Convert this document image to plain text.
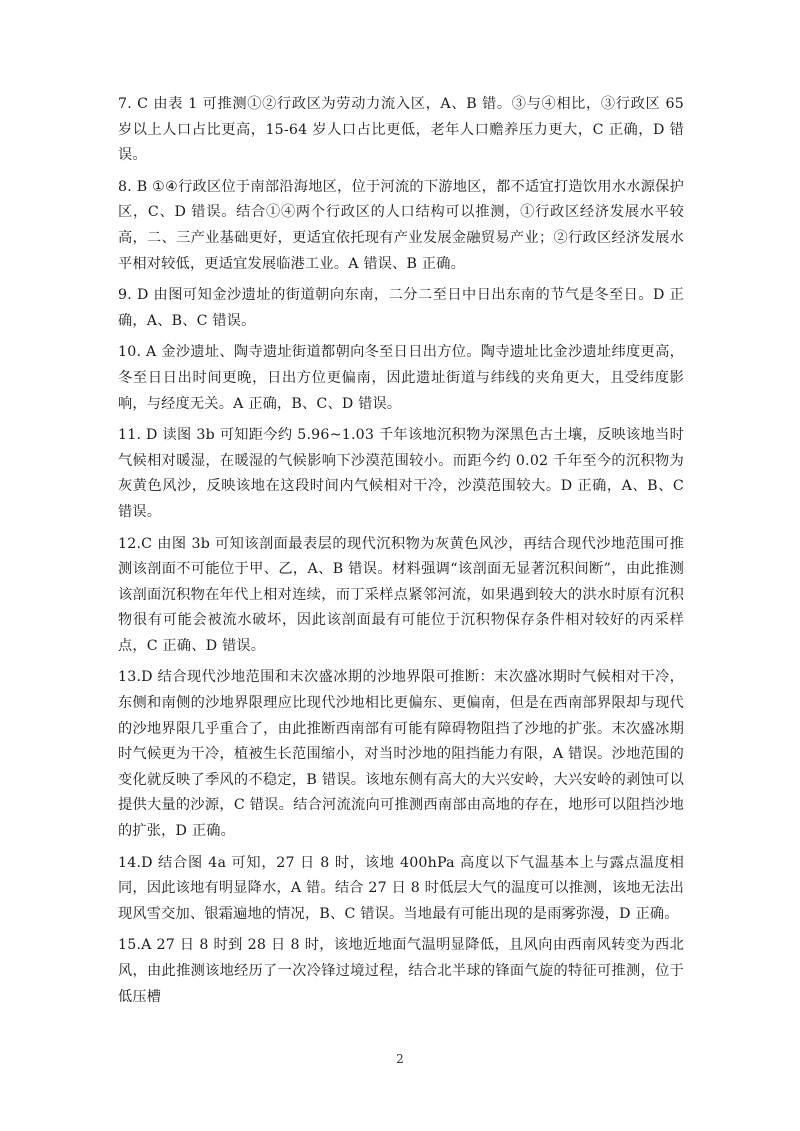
7. C 由表 1 可推测①②行政区为劳动力流入区，A、B 错。③与④相比，③行政区 65 岁以上人口占比更高，15-64 岁人口占比更低，老年人口赡养压力更大，C 正确，D 错误。

8. B ①④行政区位于南部沿海地区，位于河流的下游地区，都不适宜打造饮用水水源保护区，C、D 错误。结合①④两个行政区的人口结构可以推测，①行政区经济发展水平较高，二、三产业基础更好，更适宜依托现有产业发展金融贸易产业；②行政区经济发展水平相对较低，更适宜发展临港工业。A 错误、B 正确。

9. D 由图可知金沙遗址的街道朝向东南，二分二至日中日出东南的节气是冬至日。D 正确，A、B、C 错误。

10. A 金沙遗址、陶寺遗址街道都朝向冬至日日出方位。陶寺遗址比金沙遗址纬度更高，冬至日日出时间更晚，日出方位更偏南，因此遗址街道与纬线的夹角更大，且受纬度影响，与经度无关。A 正确，B、C、D 错误。

11. D 读图 3b 可知距今约 5.96~1.03 千年该地沉积物为深黑色古土壤，反映该地当时气候相对暖湿，在暖湿的气候影响下沙漠范围较小。而距今约 0.02 千年至今的沉积物为灰黄色风沙，反映该地在这段时间内气候相对干冷，沙漠范围较大。D 正确，A、B、C 错误。

12.C 由图 3b 可知该剖面最表层的现代沉积物为灰黄色风沙，再结合现代沙地范围可推测该剖面不可能位于甲、乙，A、B 错误。材料强调“该剖面无显著沉积间断”，由此推测该剖面沉积物在年代上相对连续，而丁采样点紧邻河流，如果遇到较大的洪水时原有沉积物很有可能会被流水破坏，因此该剖面最有可能位于沉积物保存条件相对较好的丙采样点，C 正确、D 错误。

13.D 结合现代沙地范围和末次盛冰期的沙地界限可推断：末次盛冰期时气候相对干冷，东侧和南侧的沙地界限理应比现代沙地相比更偏东、更偏南，但是在西南部界限却与现代的沙地界限几乎重合了，由此推断西南部有可能有障碍物阻挡了沙地的扩张。末次盛冰期时气候更为干冷，植被生长范围缩小，对当时沙地的阻挡能力有限，A 错误。沙地范围的变化就反映了季风的不稳定，B 错误。该地东侧有高大的大兴安岭，大兴安岭的剥蚀可以提供大量的沙源，C 错误。结合河流流向可推测西南部由高地的存在，地形可以阻挡沙地的扩张，D 正确。

14.D 结合图 4a 可知，27 日 8 时，该地 400hPa 高度以下气温基本上与露点温度相同，因此该地有明显降水，A 错。结合 27 日 8 时低层大气的温度可以推测，该地无法出现风雪交加、银霜遍地的情况，B、C 错误。当地最有可能出现的是雨雾弥漫，D 正确。

15.A 27 日 8 时到 28 日 8 时，该地近地面气温明显降低，且风向由西南风转变为西北风，由此推测该地经历了一次冷锋过境过程，结合北半球的锋面气旋的特征可推测，位于低压槽

2
